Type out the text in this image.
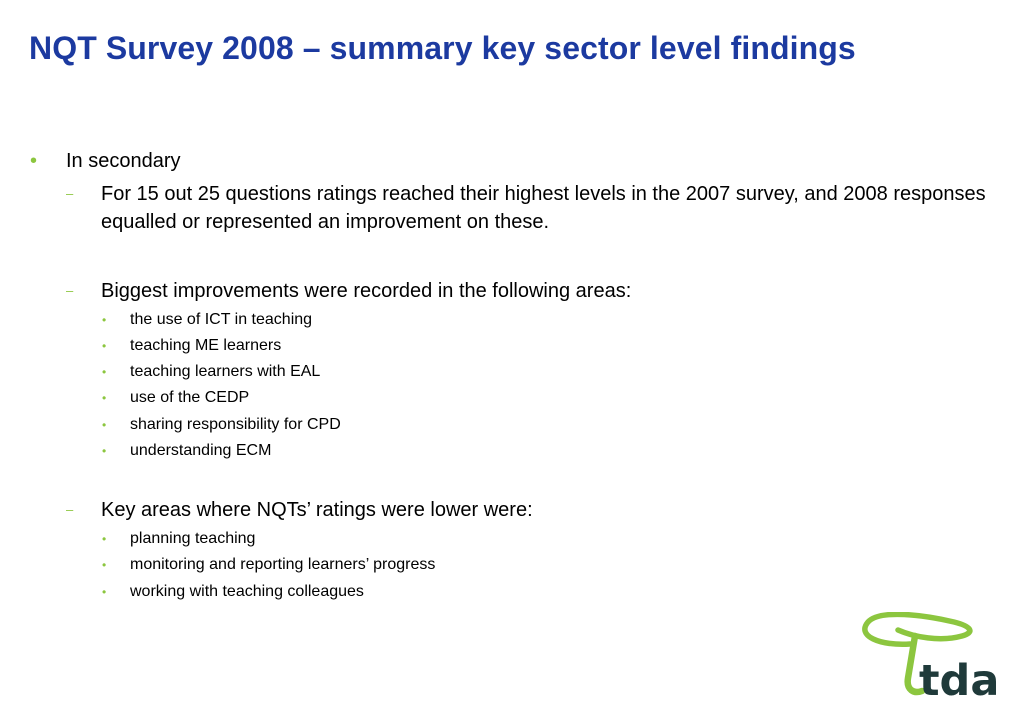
NQT Survey 2008 – summary key sector level findings
• In secondary
– For 15 out 25 questions ratings reached their highest levels in the 2007 survey, and 2008 responses equalled or represented an improvement on these.
– Biggest improvements were recorded in the following areas:
• the use of ICT in teaching
• teaching ME learners
• teaching learners with EAL
• use of the CEDP
• sharing responsibility for CPD
• understanding ECM
– Key areas where NQTs’ ratings were lower were:
• planning teaching
• monitoring and reporting learners’ progress
• working with teaching colleagues
tda
